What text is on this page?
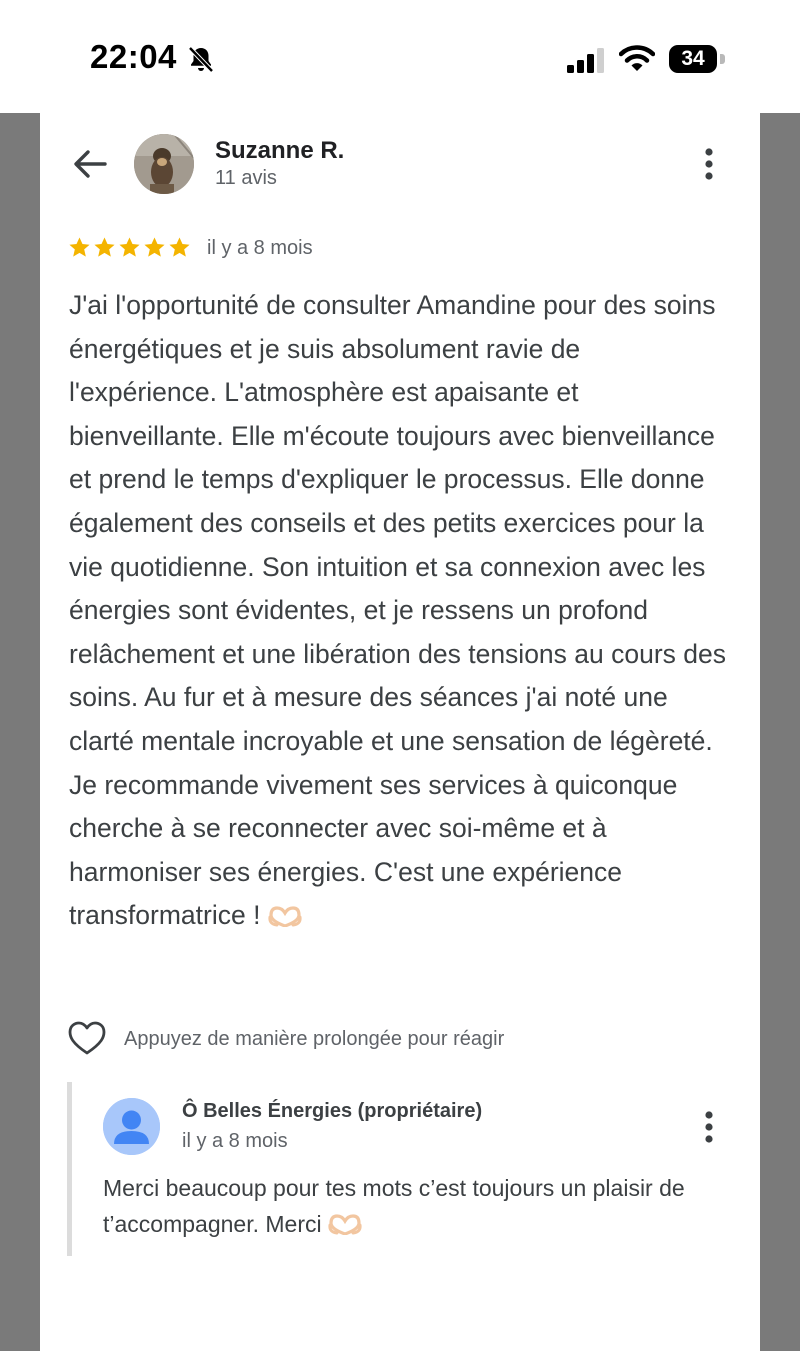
22:04	34
Suzanne R.
11 avis
il y a 8 mois
J'ai l'opportunité de consulter Amandine pour des soins énergétiques et je suis absolument ravie de l'expérience. L'atmosphère est apaisante et bienveillante. Elle m'écoute toujours avec bienveillance et prend le temps d'expliquer le processus. Elle donne également des conseils et des petits exercices pour la vie quotidienne. Son intuition et sa connexion avec les énergies sont évidentes, et je ressens un profond relâchement et une libération des tensions au cours des soins. Au fur et à mesure des séances j'ai noté une clarté mentale incroyable et une sensation de légèreté. Je recommande vivement ses services à quiconque cherche à se reconnecter avec soi-même et à harmoniser ses énergies. C'est une expérience transformatrice !
Appuyez de manière prolongée pour réagir
Ô Belles Énergies (propriétaire)
il y a 8 mois
Merci beaucoup pour tes mots c’est toujours un plaisir de t’accompagner. Merci
